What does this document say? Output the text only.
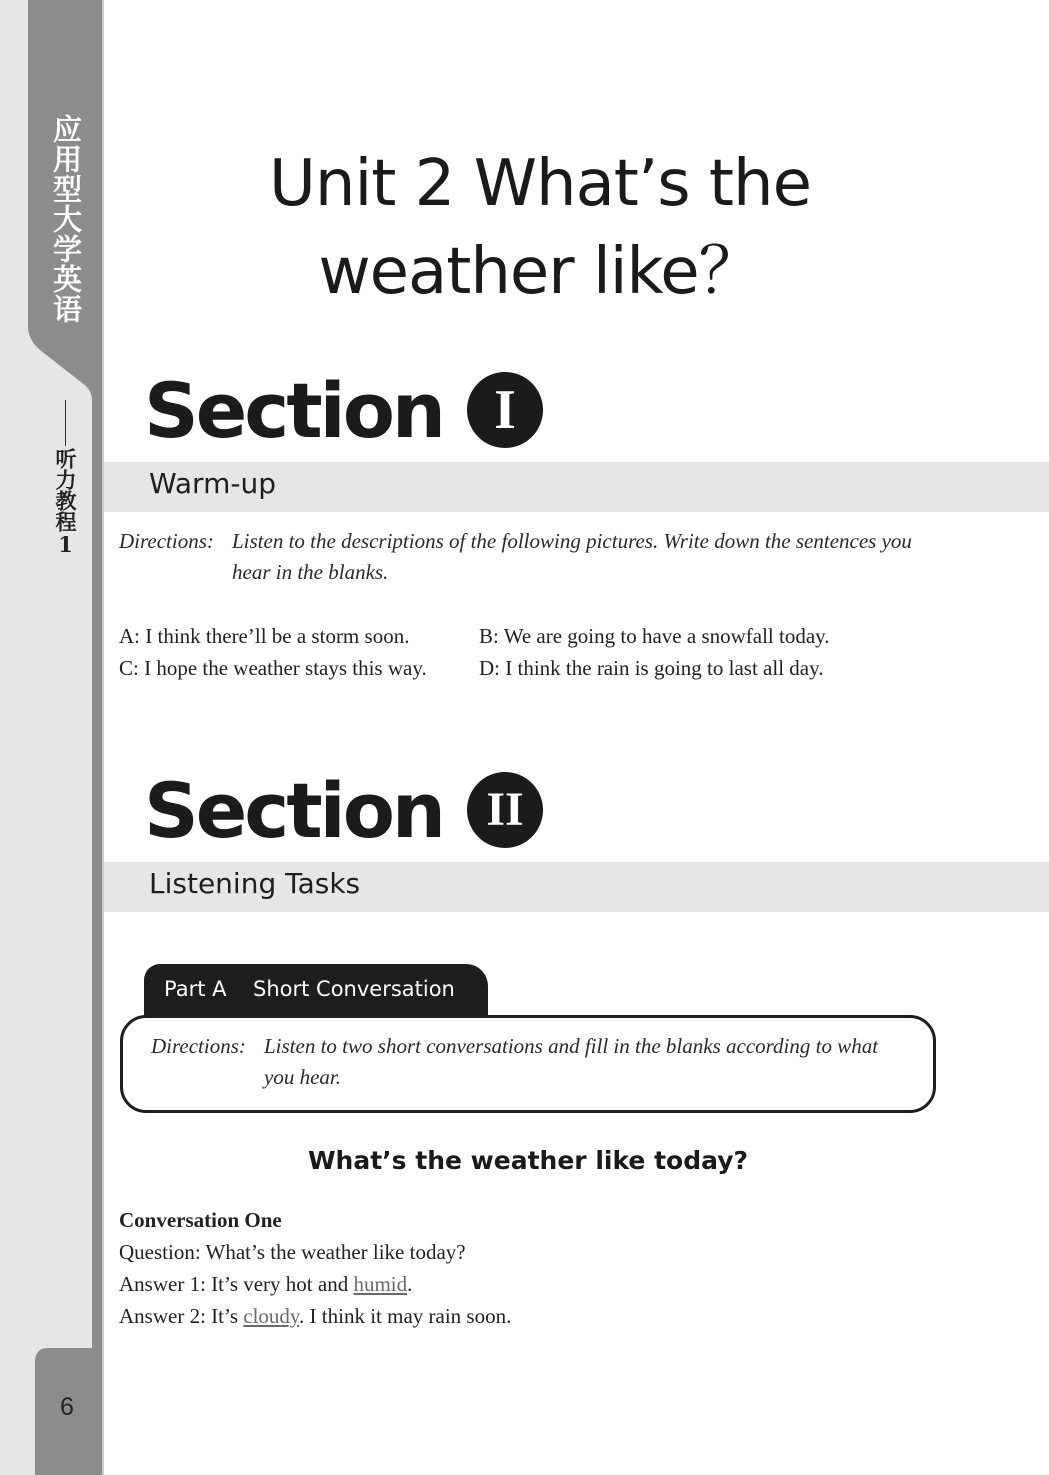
应用型大学英语
听力教程1
6
Unit 2 What’s the
weather like？
Section I
Warm-up
Directions: Listen to the descriptions of the following pictures. Write down the sentences you hear in the blanks.
A: I think there’ll be a storm soon.	B: We are going to have a snowfall today.
C: I hope the weather stays this way. D: I think the rain is going to last all day.
Section II
Listening Tasks
Part A Short Conversation
Directions: Listen to two short conversations and fill in the blanks according to what you hear.
What’s the weather like today?
Conversation One
Question: What’s the weather like today?
Answer 1: It’s very hot and humid.
Answer 2: It’s cloudy. I think it may rain soon.
